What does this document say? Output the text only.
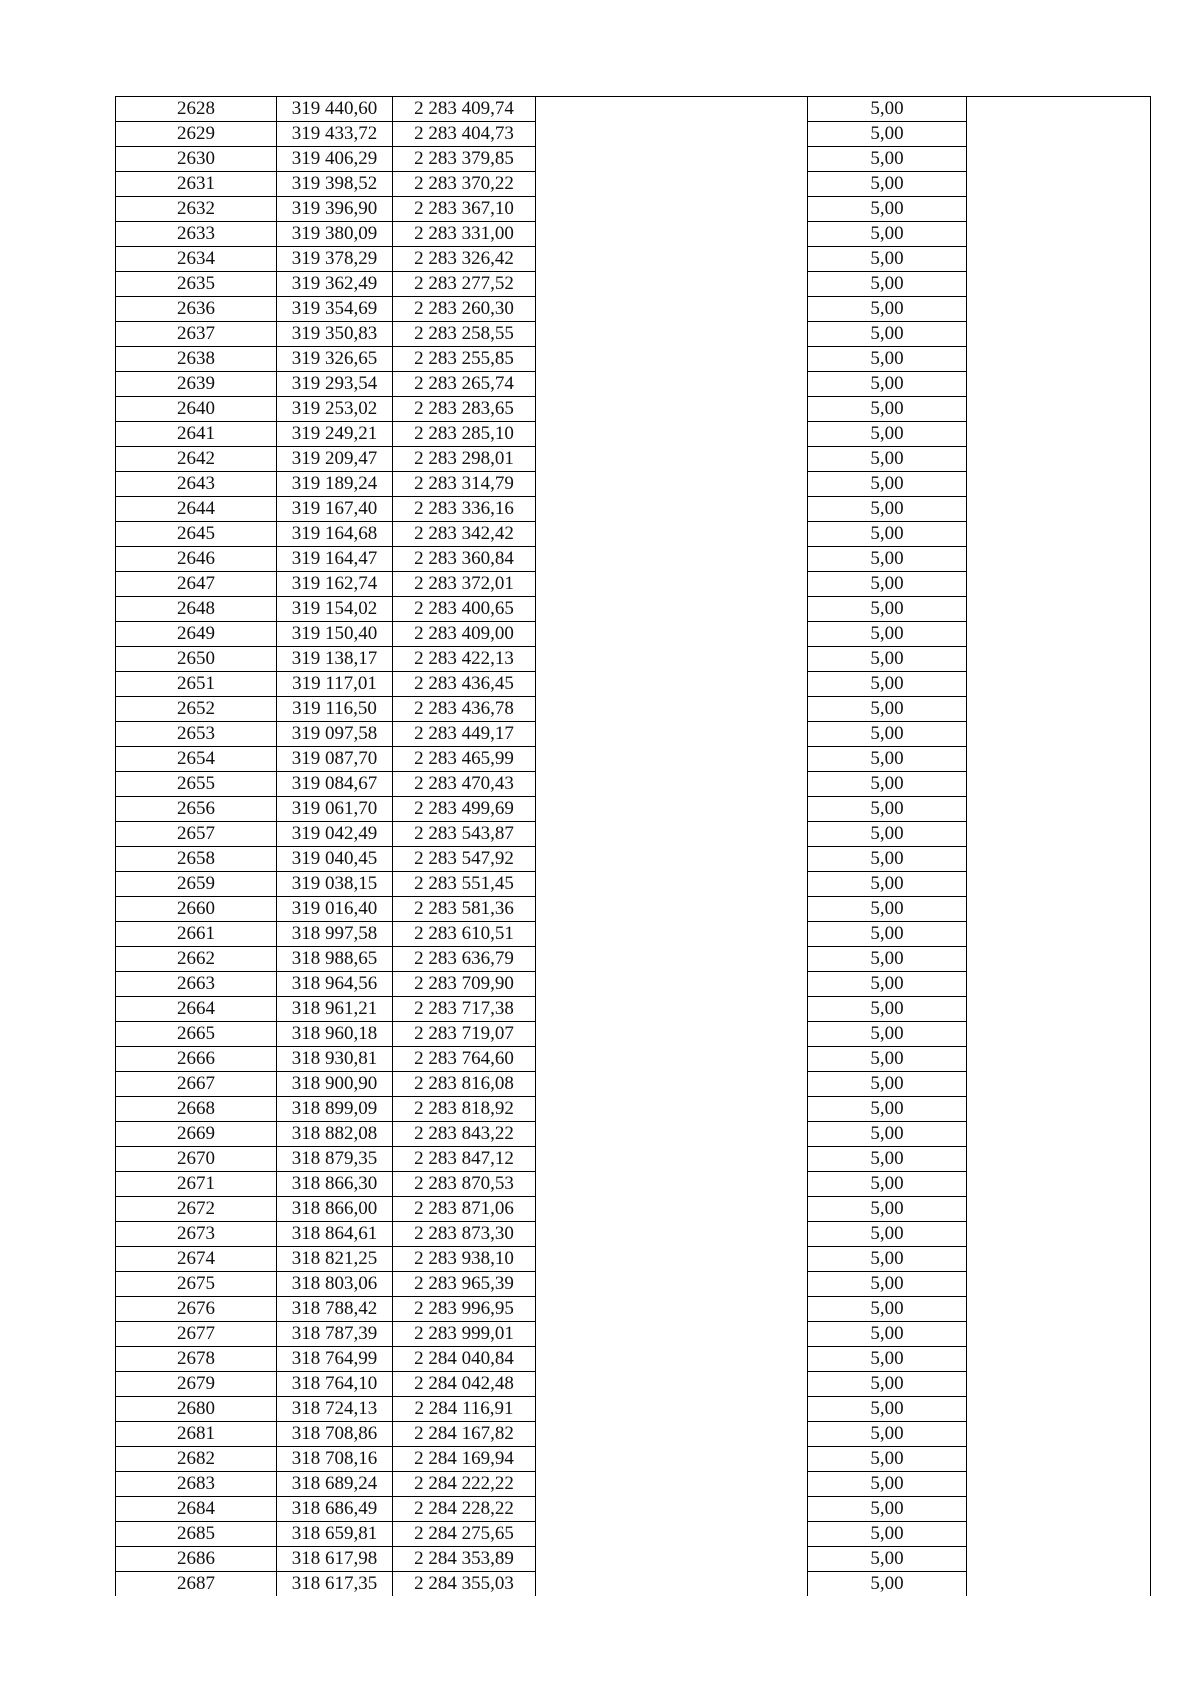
2628	319 440,60	2 283 409,74		5,00	
2629	319 433,72	2 283 404,73		5,00	
2630	319 406,29	2 283 379,85		5,00	
2631	319 398,52	2 283 370,22		5,00	
2632	319 396,90	2 283 367,10		5,00	
2633	319 380,09	2 283 331,00		5,00	
2634	319 378,29	2 283 326,42		5,00	
2635	319 362,49	2 283 277,52		5,00	
2636	319 354,69	2 283 260,30		5,00	
2637	319 350,83	2 283 258,55		5,00	
2638	319 326,65	2 283 255,85		5,00	
2639	319 293,54	2 283 265,74		5,00	
2640	319 253,02	2 283 283,65		5,00	
2641	319 249,21	2 283 285,10		5,00	
2642	319 209,47	2 283 298,01		5,00	
2643	319 189,24	2 283 314,79		5,00	
2644	319 167,40	2 283 336,16		5,00	
2645	319 164,68	2 283 342,42		5,00	
2646	319 164,47	2 283 360,84		5,00	
2647	319 162,74	2 283 372,01		5,00	
2648	319 154,02	2 283 400,65		5,00	
2649	319 150,40	2 283 409,00		5,00	
2650	319 138,17	2 283 422,13		5,00	
2651	319 117,01	2 283 436,45		5,00	
2652	319 116,50	2 283 436,78		5,00	
2653	319 097,58	2 283 449,17		5,00	
2654	319 087,70	2 283 465,99		5,00	
2655	319 084,67	2 283 470,43		5,00	
2656	319 061,70	2 283 499,69		5,00	
2657	319 042,49	2 283 543,87		5,00	
2658	319 040,45	2 283 547,92		5,00	
2659	319 038,15	2 283 551,45		5,00	
2660	319 016,40	2 283 581,36		5,00	
2661	318 997,58	2 283 610,51		5,00	
2662	318 988,65	2 283 636,79		5,00	
2663	318 964,56	2 283 709,90		5,00	
2664	318 961,21	2 283 717,38		5,00	
2665	318 960,18	2 283 719,07		5,00	
2666	318 930,81	2 283 764,60		5,00	
2667	318 900,90	2 283 816,08		5,00	
2668	318 899,09	2 283 818,92		5,00	
2669	318 882,08	2 283 843,22		5,00	
2670	318 879,35	2 283 847,12		5,00	
2671	318 866,30	2 283 870,53		5,00	
2672	318 866,00	2 283 871,06		5,00	
2673	318 864,61	2 283 873,30		5,00	
2674	318 821,25	2 283 938,10		5,00	
2675	318 803,06	2 283 965,39		5,00	
2676	318 788,42	2 283 996,95		5,00	
2677	318 787,39	2 283 999,01		5,00	
2678	318 764,99	2 284 040,84		5,00	
2679	318 764,10	2 284 042,48		5,00	
2680	318 724,13	2 284 116,91		5,00	
2681	318 708,86	2 284 167,82		5,00	
2682	318 708,16	2 284 169,94		5,00	
2683	318 689,24	2 284 222,22		5,00	
2684	318 686,49	2 284 228,22		5,00	
2685	318 659,81	2 284 275,65		5,00	
2686	318 617,98	2 284 353,89		5,00	
2687	318 617,35	2 284 355,03		5,00	
